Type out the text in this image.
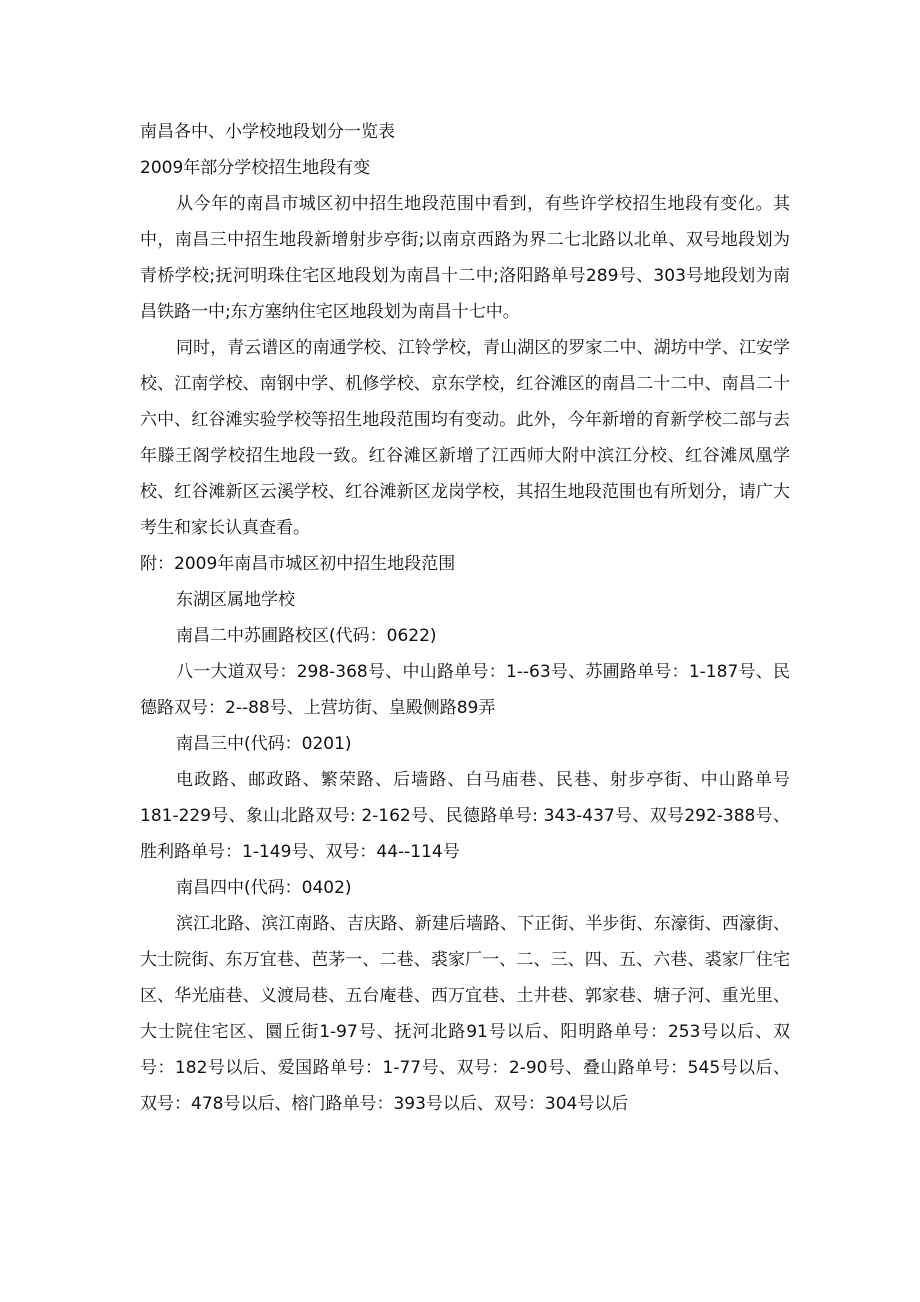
南昌各中、小学校地段划分一览表
2009年部分学校招生地段有变

从今年的南昌市城区初中招生地段范围中看到，有些许学校招生地段有变化。其中，南昌三中招生地段新增射步亭街;以南京西路为界二七北路以北单、双号地段划为青桥学校;抚河明珠住宅区地段划为南昌十二中;洛阳路单号289号、303号地段划为南昌铁路一中;东方塞纳住宅区地段划为南昌十七中。

同时，青云谱区的南通学校、江铃学校，青山湖区的罗家二中、湖坊中学、江安学校、江南学校、南钢中学、机修学校、京东学校，红谷滩区的南昌二十二中、南昌二十六中、红谷滩实验学校等招生地段范围均有变动。此外，今年新增的育新学校二部与去年滕王阁学校招生地段一致。红谷滩区新增了江西师大附中滨江分校、红谷滩凤凰学校、红谷滩新区云溪学校、红谷滩新区龙岗学校，其招生地段范围也有所划分，请广大考生和家长认真查看。

附：2009年南昌市城区初中招生地段范围
东湖区属地学校
南昌二中苏圃路校区(代码：0622)

八一大道双号：298-368号、中山路单号：1--63号、苏圃路单号：1-187号、民德路双号：2--88号、上营坊街、皇殿侧路89弄

南昌三中(代码：0201)

电政路、邮政路、繁荣路、后墙路、白马庙巷、民巷、射步亭街、中山路单号181-229号、象山北路双号: 2-162号、民德路单号: 343-437号、双号292-388号、胜利路单号：1-149号、双号：44--114号

南昌四中(代码：0402)

滨江北路、滨江南路、吉庆路、新建后墙路、下正街、半步街、东濠街、西濠街、大士院街、东万宜巷、芭茅一、二巷、裘家厂一、二、三、四、五、六巷、裘家厂住宅区、华光庙巷、义渡局巷、五台庵巷、西万宜巷、土井巷、郭家巷、塘子河、重光里、 大士院住宅区、圜丘街1-97号、抚河北路91号以后、阳明路单号：253号以后、双号：182号以后、爱国路单号：1-77号、双号：2-90号、叠山路单号：545号以后、双号：478号以后、榕门路单号：393号以后、双号：304号以后
